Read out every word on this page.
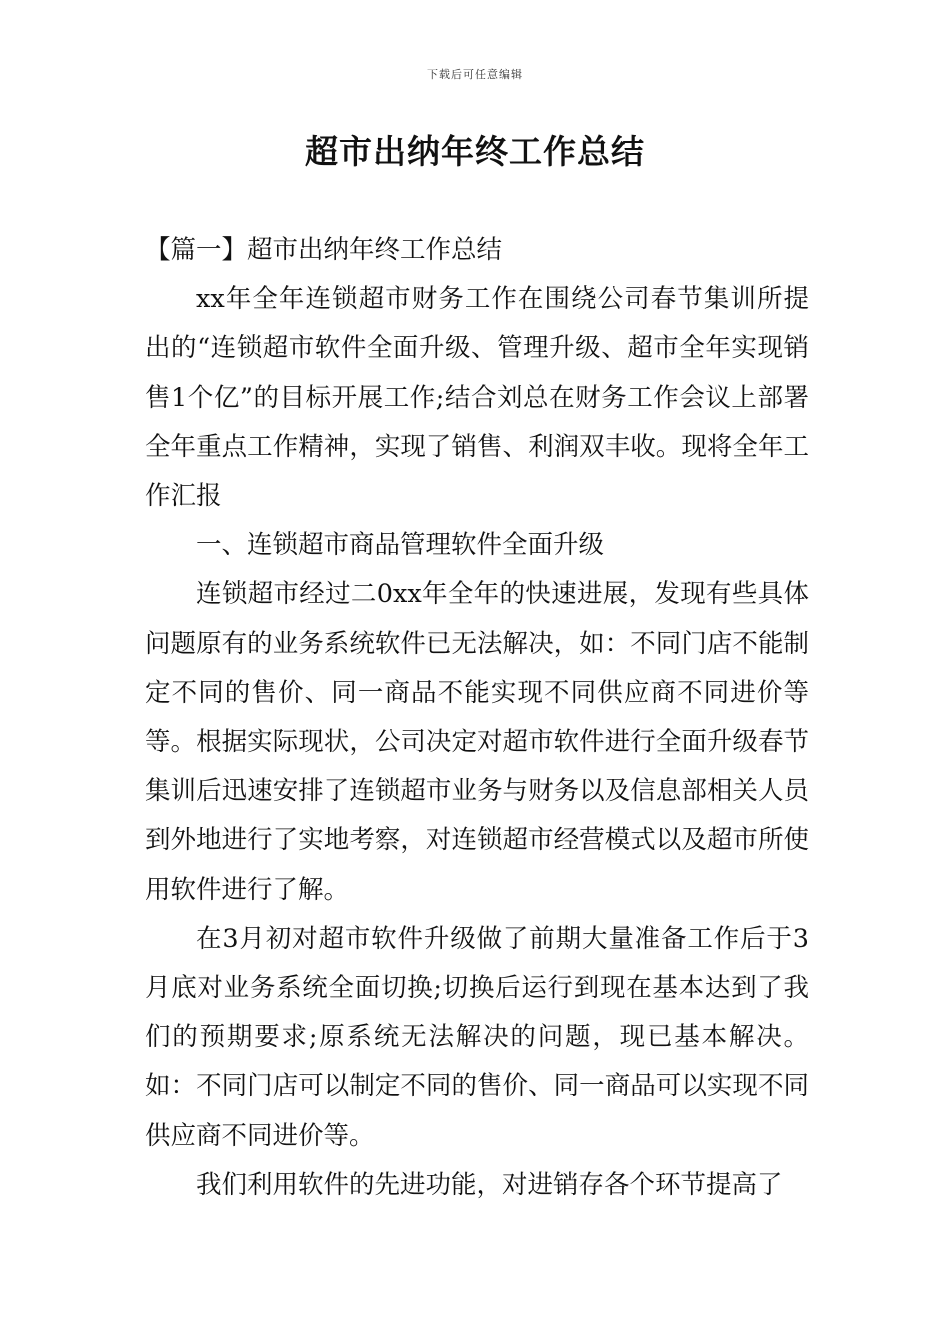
下载后可任意编辑
超市出纳年终工作总结

【篇一】超市出纳年终工作总结

xx年全年连锁超市财务工作在围绕公司春节集训所提出的“连锁超市软件全面升级、管理升级、超市全年实现销售1个亿”的目标开展工作;结合刘总在财务工作会议上部署全年重点工作精神，实现了销售、利润双丰收。现将全年工作汇报

一、连锁超市商品管理软件全面升级

连锁超市经过二0xx年全年的快速进展，发现有些具体问题原有的业务系统软件已无法解决，如：不同门店不能制定不同的售价、同一商品不能实现不同供应商不同进价等等。根据实际现状，公司决定对超市软件进行全面升级春节集训后迅速安排了连锁超市业务与财务以及信息部相关人员到外地进行了实地考察，对连锁超市经营模式以及超市所使用软件进行了解。

在3月初对超市软件升级做了前期大量准备工作后于3月底对业务系统全面切换;切换后运行到现在基本达到了我们的预期要求;原系统无法解决的问题，现已基本解决。如：不同门店可以制定不同的售价、同一商品可以实现不同供应商不同进价等。

我们利用软件的先进功能，对进销存各个环节提高了
